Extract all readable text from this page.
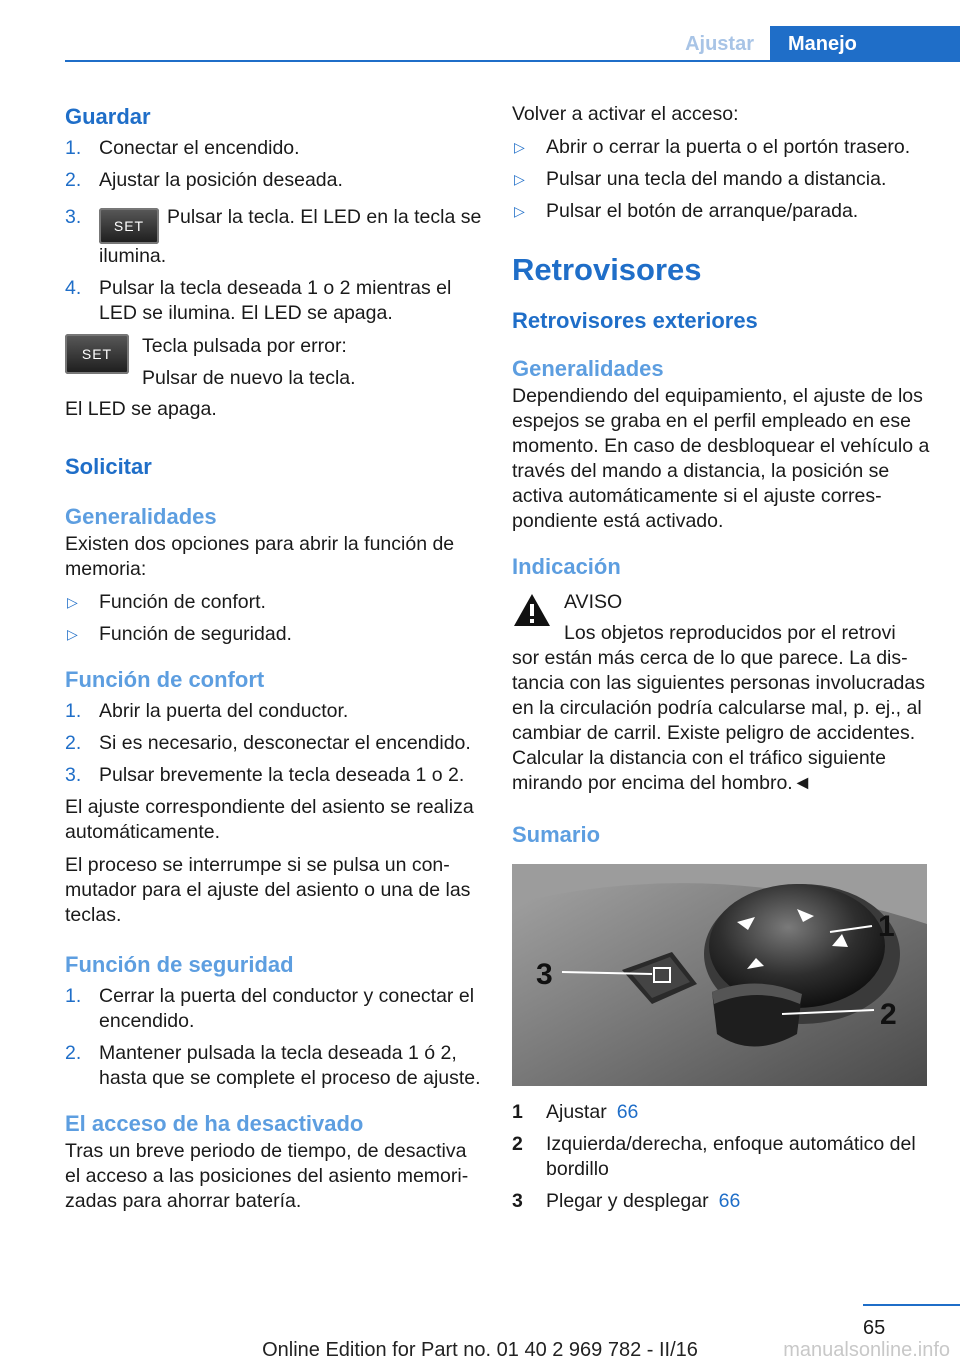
Ajustar	Manejo
Guardar
1. Conectar el encendido.
2. Ajustar la posición deseada.
3. SET Pulsar la tecla. El LED en la tecla se ilumina.
4. Pulsar la tecla deseada 1 o 2 mientras el LED se ilumina. El LED se apaga.
SET	Tecla pulsada por error:

Pulsar de nuevo la tecla.

El LED se apaga.

Solicitar
Generalidades

Existen dos opciones para abrir la función de memoria:

▷ Función de confort.
▷ Función de seguridad.
Función de confort
1. Abrir la puerta del conductor.
2. Si es necesario, desconectar el encendido.
3. Pulsar brevemente la tecla deseada 1 o 2.

El ajuste correspondiente del asiento se realiza automáticamente.

El proceso se interrumpe si se pulsa un conmutador para el ajuste del asiento o una de las teclas.

Función de seguridad
1. Cerrar la puerta del conductor y conectar el encendido.
2. Mantener pulsada la tecla deseada 1 ó 2, hasta que se complete el proceso de ajuste.
El acceso de ha desactivado

Tras un breve periodo de tiempo, de desactiva el acceso a las posiciones del asiento memorizadas para ahorrar batería.

Volver a activar el acceso:

▷ Abrir o cerrar la puerta o el portón trasero.
▷ Pulsar una tecla del mando a distancia.
▷ Pulsar el botón de arranque/parada.
Retrovisores
Retrovisores exteriores
Generalidades

Dependiendo del equipamiento, el ajuste de los espejos se graba en el perfil empleado en ese momento. En caso de desbloquear el vehículo a través del mando a distancia, la posición se activa automáticamente si el ajuste correspondiente está activado.

Indicación

AVISO

Los objetos reproducidos por el retrovi

sor están más cerca de lo que parece. La distancia con las siguientes personas involucradas en la circulación podría calcularse mal, p. ej., al cambiar de carril. Existe peligro de accidentes. Calcular la distancia con el tráfico siguiente mirando por encima del hombro.◄

Sumario
1
2
3
1 Ajustar 66
2 Izquierda/derecha, enfoque automático del bordillo
3 Plegar y desplegar 66
65
Online Edition for Part no. 01 40 2 969 782 - II/16	manualsonline.info
